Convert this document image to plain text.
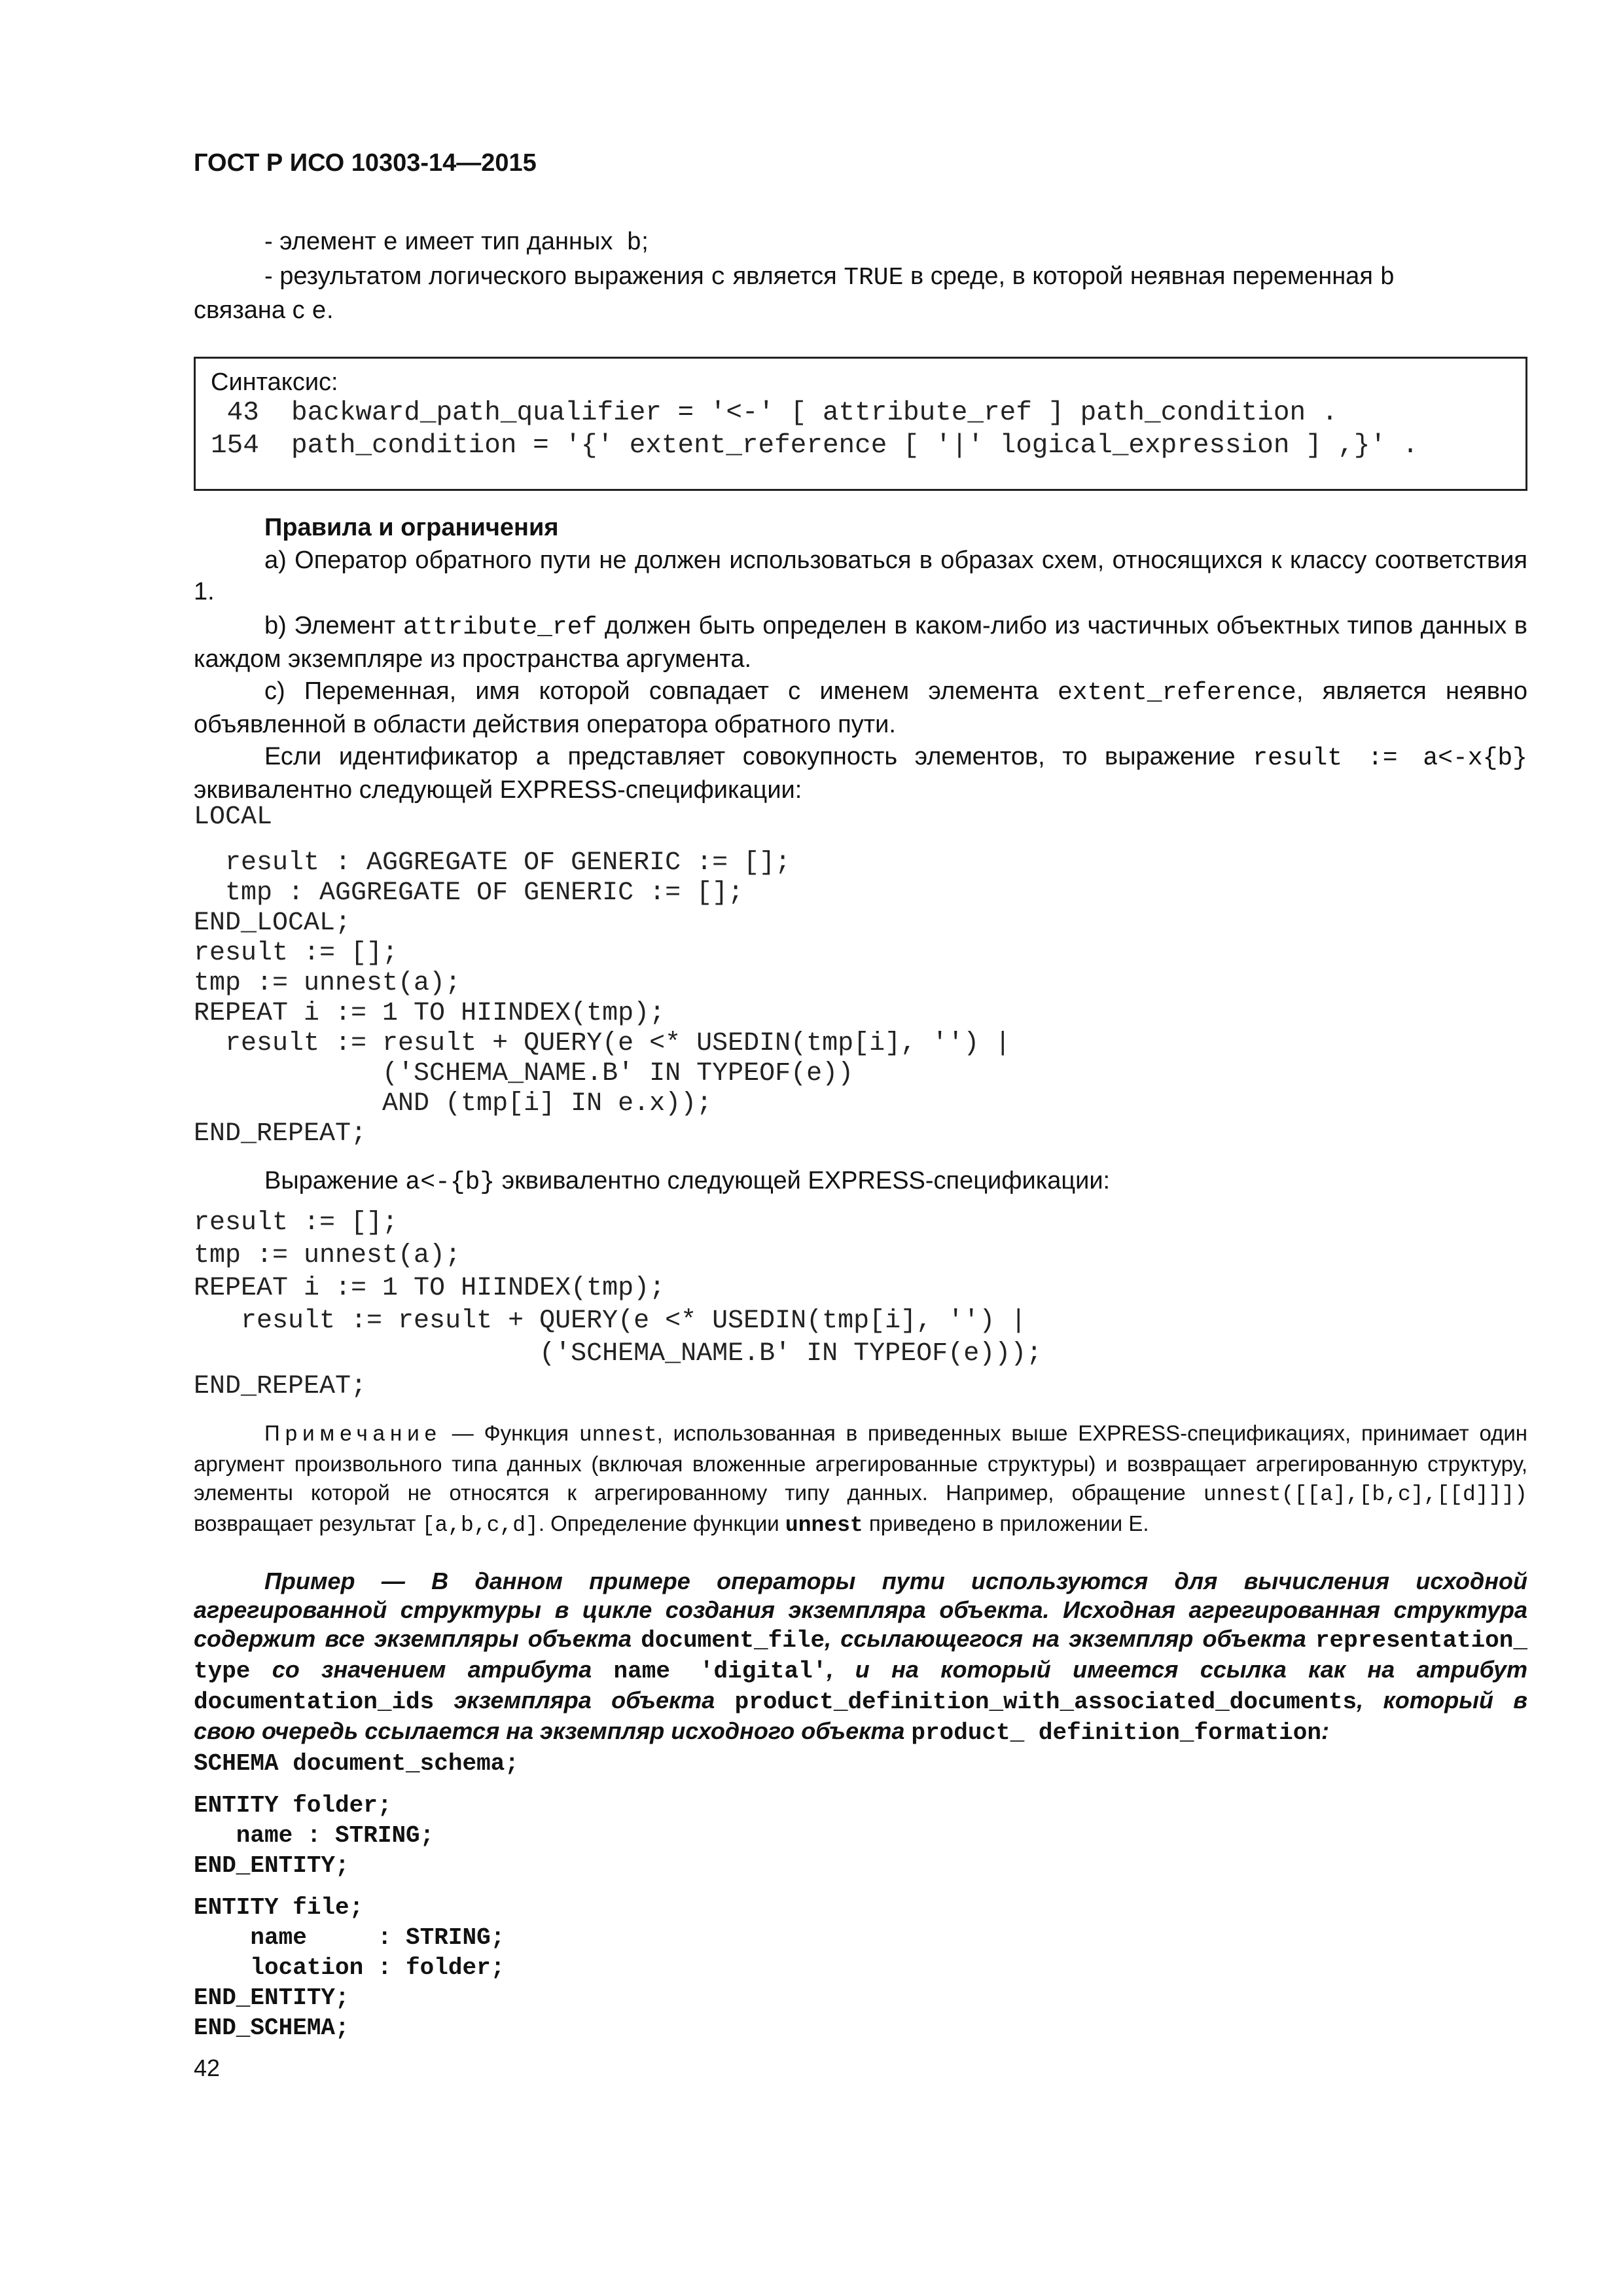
ГОСТ Р ИСО 10303-14—2015
- элемент e имеет тип данных  b;
- результатом логического выражения c является TRUE в среде, в которой неявная переменная b
связана с e.
Синтаксис:
43  backward_path_qualifier = '<-' [ attribute_ref ] path_condition .
154  path_condition = '{' extent_reference [ '|' logical_expression ] ,}' .
Правила и ограничения
a) Оператор обратного пути не должен использоваться в образах схем, относящихся к классу соответствия 1.
b) Элемент attribute_ref должен быть определен в каком-либо из частичных объектных типов данных в каждом экземпляре из пространства аргумента.
c) Переменная, имя которой совпадает с именем элемента extent_reference, является неявно объявленной в области действия оператора обратного пути.
Если идентификатор a представляет совокупность элементов, то выражение result := a<-x{b} эквивалентно следующей EXPRESS-спецификации:
LOCAL
result : AGGREGATE OF GENERIC := [];
tmp : AGGREGATE OF GENERIC := [];
END_LOCAL;
result := [];
tmp := unnest(a);
REPEAT i := 1 TO HIINDEX(tmp);
result := result + QUERY(e <* USEDIN(tmp[i], '') |
('SCHEMA_NAME.B' IN TYPEOF(e))
AND (tmp[i] IN e.x));
END_REPEAT;
Выражение a<-{b} эквивалентно следующей EXPRESS-спецификации:
result := [];
tmp := unnest(a);
REPEAT i := 1 TO HIINDEX(tmp);
result := result + QUERY(e <* USEDIN(tmp[i], '') |
('SCHEMA_NAME.B' IN TYPEOF(e)));
END_REPEAT;
Примечание — Функция unnest, использованная в приведенных выше EXPRESS-спецификациях, принимает один аргумент произвольного типа данных (включая вложенные агрегированные структуры) и возвращает агрегированную структуру, элементы которой не относятся к агрегированному типу данных. Например, обращение unnest([[a],[b,c],[[d]]]) возвращает результат [a,b,c,d]. Определение функции unnest приведено в приложении E.
Пример — В данном примере операторы пути используются для вычисления исходной агрегированной структуры в цикле создания экземпляра объекта. Исходная агрегированная структура содержит все экземпляры объекта document_file, ссылающегося на экземпляр объекта representation_ type со значением атрибута name 'digital', и на который имеется ссылка как на атрибут documentation_ids экземпляра объекта product_definition_with_associated_documents, который в свою очередь ссылается на экземпляр исходного объекта product_ definition_formation:
SCHEMA document_schema;
ENTITY folder;
name : STRING;
END_ENTITY;
ENTITY file;
name     : STRING;
location : folder;
END_ENTITY;
END_SCHEMA;
42
